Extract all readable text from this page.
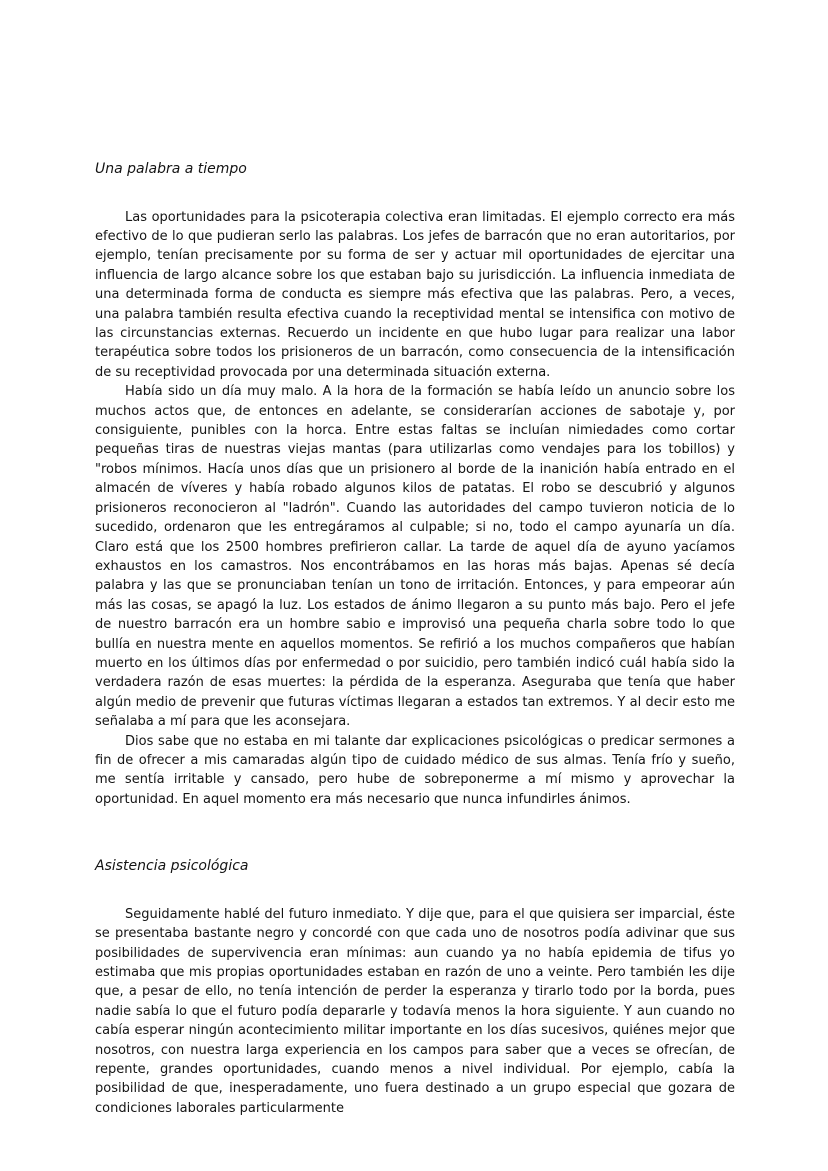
Una palabra a tiempo

Las oportunidades para la psicoterapia colectiva eran limitadas. El ejemplo correcto era más efectivo de lo que pudieran serlo las palabras. Los jefes de barracón que no eran autoritarios, por ejemplo, tenían precisamente por su forma de ser y actuar mil oportunidades de ejercitar una influencia de largo alcance sobre los que estaban bajo su jurisdicción. La influencia inmediata de una determinada forma de conducta es siempre más efectiva que las palabras. Pero, a veces, una palabra también resulta efectiva cuando la receptividad mental se intensifica con motivo de las circunstancias externas. Recuerdo un incidente en que hubo lugar para realizar una labor terapéutica sobre todos los prisioneros de un barracón, como consecuencia de la intensificación de su receptividad provocada por una determinada situación externa.

Había sido un día muy malo. A la hora de la formación se había leído un anuncio sobre los muchos actos que, de entonces en adelante, se considerarían acciones de sabotaje y, por consiguiente, punibles con la horca. Entre estas faltas se incluían nimiedades como cortar pequeñas tiras de nuestras viejas mantas (para utilizarlas como vendajes para los tobillos) y "robos mínimos. Hacía unos días que un prisionero al borde de la inanición había entrado en el almacén de víveres y había robado algunos kilos de patatas. El robo se descubrió y algunos prisioneros reconocieron al "ladrón". Cuando las autoridades del campo tuvieron noticia de lo sucedido, ordenaron que les entregáramos al culpable; si no, todo el campo ayunaría un día. Claro está que los 2500 hombres prefirieron callar. La tarde de aquel día de ayuno yacíamos exhaustos en los camastros. Nos encontrábamos en las horas más bajas. Apenas sé decía palabra y las que se pronunciaban tenían un tono de irritación. Entonces, y para empeorar aún más las cosas, se apagó la luz. Los estados de ánimo llegaron a su punto más bajo. Pero el jefe de nuestro barracón era un hombre sabio e improvisó una pequeña charla sobre todo lo que bullía en nuestra mente en aquellos momentos. Se refirió a los muchos compañeros que habían muerto en los últimos días por enfermedad o por suicidio, pero también indicó cuál había sido la verdadera razón de esas muertes: la pérdida de la esperanza. Aseguraba que tenía que haber algún medio de prevenir que futuras víctimas llegaran a estados tan extremos. Y al decir esto me señalaba a mí para que les aconsejara.

Dios sabe que no estaba en mi talante dar explicaciones psicológicas o predicar sermones a fin de ofrecer a mis camaradas algún tipo de cuidado médico de sus almas. Tenía frío y sueño, me sentía irritable y cansado, pero hube de sobreponerme a mí mismo y aprovechar la oportunidad. En aquel momento era más necesario que nunca infundirles ánimos.

Asistencia psicológica

Seguidamente hablé del futuro inmediato. Y dije que, para el que quisiera ser imparcial, éste se presentaba bastante negro y concordé con que cada uno de nosotros podía adivinar que sus posibilidades de supervivencia eran mínimas: aun cuando ya no había epidemia de tifus yo estimaba que mis propias oportunidades estaban en razón de uno a veinte. Pero también les dije que, a pesar de ello, no tenía intención de perder la esperanza y tirarlo todo por la borda, pues nadie sabía lo que el futuro podía depararle y todavía menos la hora siguiente. Y aun cuando no cabía esperar ningún acontecimiento militar importante en los días sucesivos, quiénes mejor que nosotros, con nuestra larga experiencia en los campos para saber que a veces se ofrecían, de repente, grandes oportunidades, cuando menos a nivel individual. Por ejemplo, cabía la posibilidad de que, inesperadamente, uno fuera destinado a un grupo especial que gozara de condiciones laborales particularmente
